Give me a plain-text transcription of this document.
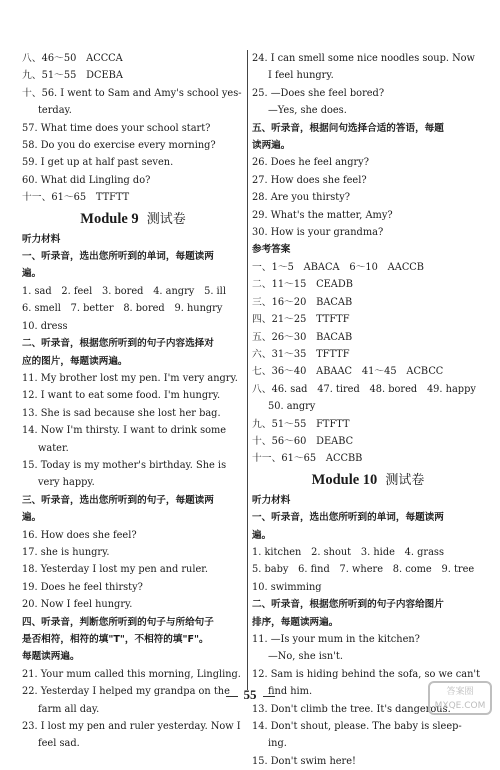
八、46～50　ACCCA
九、51～55　DCEBA
十、56. I went to Sam and Amy's school yes-
terday.
57. What time does your school start?
58. Do you do exercise every morning?
59. I get up at half past seven.
60. What did Lingling do?
十一、61～65　TTFTT
Module 9 测试卷
听力材料
一、听录音，选出您所听到的单词，每题读两
遍。
1. sad　2. feel　3. bored　4. angry　5. ill
6. smell　7. better　8. bored　9. hungry
10. dress
二、听录音，根据您所听到的句子内容选择对
应的图片，每题读两遍。
11. My brother lost my pen. I'm very angry.
12. I want to eat some food. I'm hungry.
13. She is sad because she lost her bag.
14. Now I'm thirsty. I want to drink some
water.
15. Today is my mother's birthday. She is
very happy.
三、听录音，选出您所听到的句子，每题读两
遍。
16. How does she feel?
17. she is hungry.
18. Yesterday I lost my pen and ruler.
19. Does he feel thirsty?
20. Now I feel hungry.
四、听录音，判断您所听到的句子与所给句子
是否相符，相符的填"T"，不相符的填"F"。
每题读两遍。
21. Your mum called this morning, Lingling.
22. Yesterday I helped my grandpa on the
farm all day.
23. I lost my pen and ruler yesterday. Now I
feel sad.
24. I can smell some nice noodles soup. Now
I feel hungry.
25. —Does she feel bored?
—Yes, she does.
五、听录音，根据问句选择合适的答语，每题
读两遍。
26. Does he feel angry?
27. How does she feel?
28. Are you thirsty?
29. What's the matter, Amy?
30. How is your grandma?
参考答案
一、1～5　ABACA　6～10　AACCB
二、11～15　CEADB
三、16～20　BACAB
四、21～25　TTFTF
五、26～30　BACAB
六、31～35　TFTTF
七、36～40　ABAAC　41～45　ACBCC
八、46. sad　47. tired　48. bored　49. happy
50. angry
九、51～55　FTFTT
十、56～60　DEABC
十一、61～65　ACCBB
Module 10 测试卷
听力材料
一、听录音，选出您所听到的单词，每题读两
遍。
1. kitchen　2. shout　3. hide　4. grass
5. baby　6. find　7. where　8. come　9. tree
10. swimming
二、听录音，根据您所听到的句子内容给图片
排序，每题读两遍。
11. —Is your mum in the kitchen?
—No, she isn't.
12. Sam is hiding behind the sofa, so we can't
find him.
13. Don't climb the tree. It's dangerous.
14. Don't shout, please. The baby is sleep-
ing.
15. Don't swim here!
55	答案圈 MXQE.COM
